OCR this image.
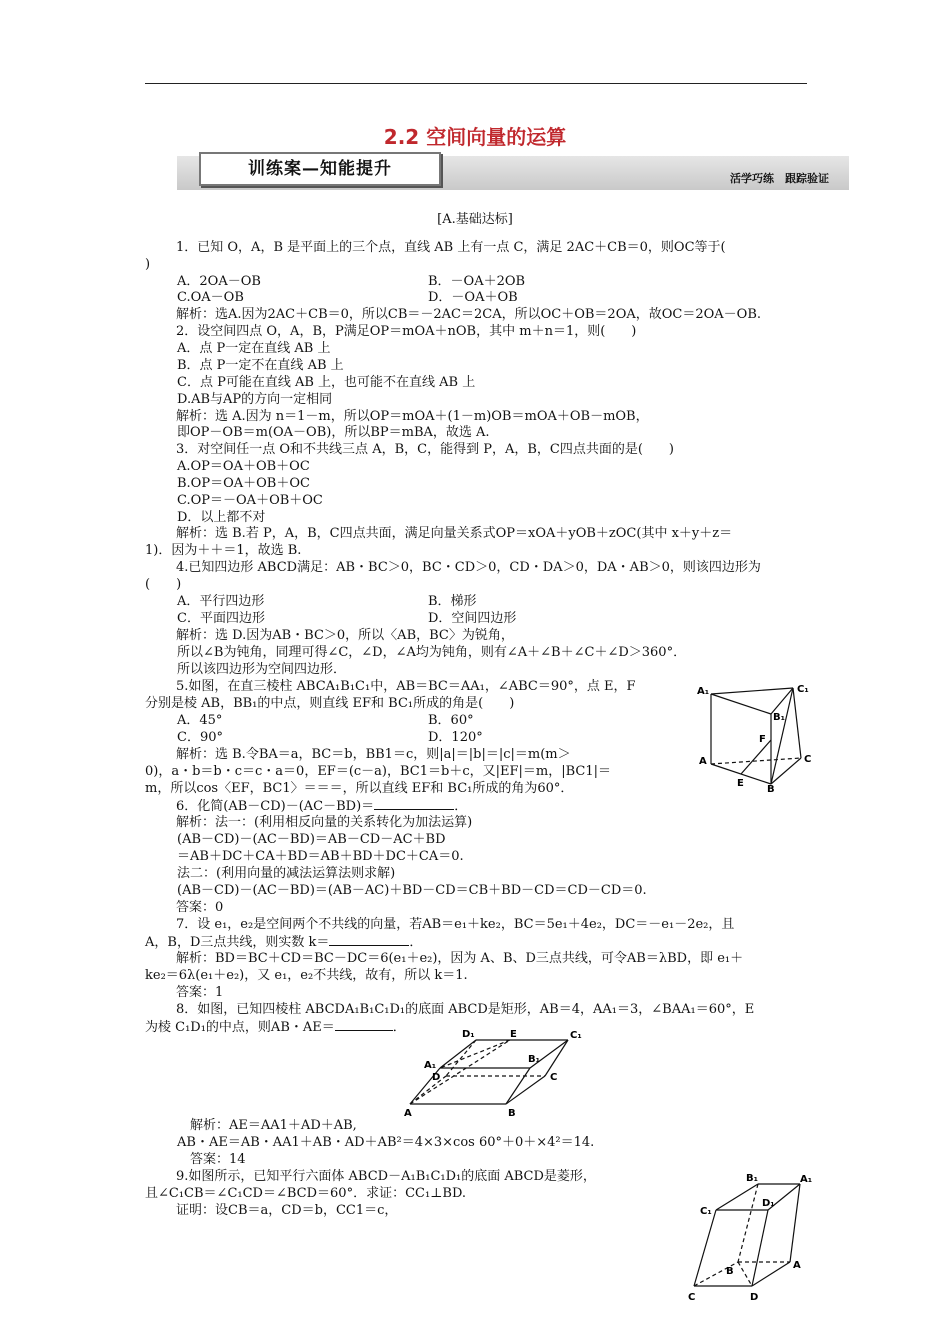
2.2 空间向量的运算
训练案—知能提升	活学巧练　跟踪验证
[A.基础达标]
　1．已知 O，A，B 是平面上的三个点，直线 AB 上有一点 C，满足 2AC＋CB＝0，则OC等于(
)
A．2OA－OB	B．－OA＋2OB
C.OA－OB	D．－OA＋OB
　解析：选A.因为2AC＋CB＝0，所以CB＝－2AC＝2CA，所以OC＋OB＝2OA，故OC＝2OA－OB.
　2．设空间四点 O，A，B，P满足OP＝mOA＋nOB，其中 m＋n＝1，则(　　)
A．点 P一定在直线 AB 上
B．点 P一定不在直线 AB 上
C．点 P可能在直线 AB 上，也可能不在直线 AB 上
D.AB与AP的方向一定相同
　解析：选 A.因为 n＝1－m，所以OP＝mOA＋(1－m)OB＝mOA＋OB－mOB，
即OP－OB＝m(OA－OB)，所以BP＝mBA，故选 A.
　3．对空间任一点 O和不共线三点 A，B，C，能得到 P，A，B，C四点共面的是(　　)
A.OP＝OA＋OB＋OC
B.OP＝OA＋OB＋OC
C.OP＝－OA＋OB＋OC
D．以上都不对
　解析：选 B.若 P，A，B，C四点共面，满足向量关系式OP＝xOA＋yOB＋zOC(其中 x＋y＋z＝
1)．因为＋＋＝1，故选 B.
　4.已知四边形 ABCD满足：AB・BC＞0，BC・CD＞0，CD・DA＞0，DA・AB＞0，则该四边形为
(　　)
A．平行四边形	B．梯形
C．平面四边形	D．空间四边形
　解析：选 D.因为AB・BC＞0，所以〈AB，BC〉为锐角，
所以∠B为钝角，同理可得∠C，∠D，∠A均为钝角，则有∠A＋∠B＋∠C＋∠D＞360°．
所以该四边形为空间四边形．
　5.如图，在直三棱柱 ABCA₁B₁C₁中，AB＝BC＝AA₁，∠ABC＝90°，点 E，F
分别是棱 AB，BB₁的中点，则直线 EF和 BC₁所成的角是(　　)
A．45°	B．60°
C．90°	D．120°
　解析：选 B.令BA＝a，BC＝b，BB1＝c，则|a|＝|b|＝|c|＝m(m＞
0)，a・b＝b・c＝c・a＝0，EF＝(c－a)，BC1＝b＋c，又|EF|＝m，|BC1|＝
m，所以cos〈EF，BC1〉＝＝＝，所以直线 EF和 BC₁所成的角为60°．
A₁	C₁
B₁
F
A
E
B
C
　6．化简(AB－CD)－(AC－BD)＝	．
　解析：法一：(利用相反向量的关系转化为加法运算)
(AB－CD)－(AC－BD)＝AB－CD－AC＋BD
＝AB＋DC＋CA＋BD＝AB＋BD＋DC＋CA＝0.
法二：(利用向量的减法运算法则求解)
(AB－CD)－(AC－BD)＝(AB－AC)＋BD－CD＝CB＋BD－CD＝CD－CD＝0.
　答案：0
　7．设 e₁，e₂是空间两个不共线的向量，若AB＝e₁＋ke₂，BC＝5e₁＋4e₂，DC＝－e₁－2e₂，且
A，B，D三点共线，则实数 k＝	．
　解析：BD＝BC＋CD＝BC－DC＝6(e₁＋e₂)，因为 A、B、D三点共线，可令AB＝λBD，即 e₁＋
ke₂＝6λ(e₁＋e₂)，又 e₁，e₂不共线，故有，所以 k＝1.
　答案：1
　8．如图，已知四棱柱 ABCDA₁B₁C₁D₁的底面 ABCD是矩形，AB＝4，AA₁＝3，∠BAA₁＝60°，E
为棱 C₁D₁的中点，则AB・AE＝	．	D₁	E	C₁
A₁
B₁
D	C
A	B
　解析：AE＝AA1＋AD＋AB,
AB・AE＝AB・AA1＋AB・AD＋AB²＝4×3×cos 60°＋0＋×4²＝14.
　答案：14
　9.如图所示，已知平行六面体 ABCD－A₁B₁C₁D₁的底面 ABCD是菱形，
且∠C₁CB＝∠C₁CD＝∠BCD＝60°．求证：CC₁⊥BD.
　证明：设CB＝a，CD＝b，CC1＝c，
B₁	A₁
C₁
D₁
B
A
C	D
